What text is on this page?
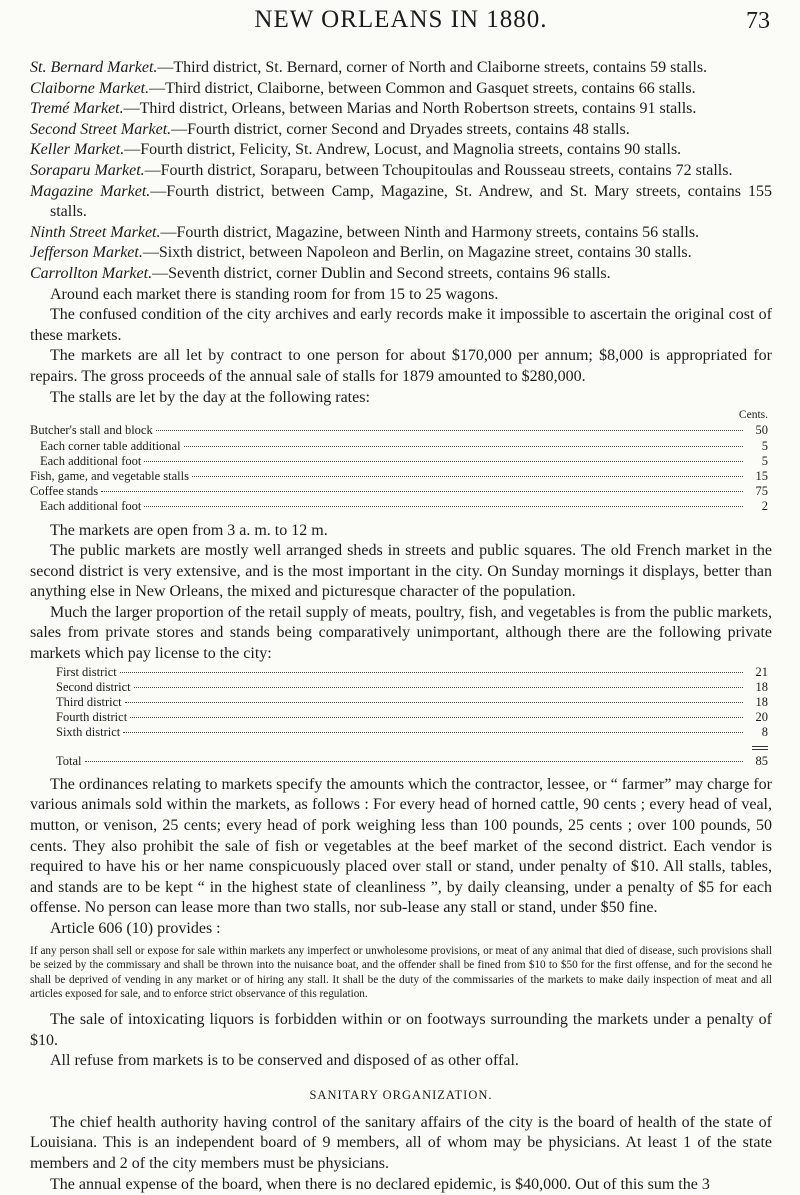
NEW ORLEANS IN 1880.	73

St. Bernard Market.—Third district, St. Bernard, corner of North and Claiborne streets, contains 59 stalls.

Claiborne Market.—Third district, Claiborne, between Common and Gasquet streets, contains 66 stalls.

Tremé Market.—Third district, Orleans, between Marias and North Robertson streets, contains 91 stalls.

Second Street Market.—Fourth district, corner Second and Dryades streets, contains 48 stalls.

Keller Market.—Fourth district, Felicity, St. Andrew, Locust, and Magnolia streets, contains 90 stalls.

Soraparu Market.—Fourth district, Soraparu, between Tchoupitoulas and Rousseau streets, contains 72 stalls.

Magazine Market.—Fourth district, between Camp, Magazine, St. Andrew, and St. Mary streets, contains 155 stalls.

Ninth Street Market.—Fourth district, Magazine, between Ninth and Harmony streets, contains 56 stalls.

Jefferson Market.—Sixth district, between Napoleon and Berlin, on Magazine street, contains 30 stalls.

Carrollton Market.—Seventh district, corner Dublin and Second streets, contains 96 stalls.

Around each market there is standing room for from 15 to 25 wagons.

The confused condition of the city archives and early records make it impossible to ascertain the original cost of these markets.

The markets are all let by contract to one person for about $170,000 per annum; $8,000 is appropriated for repairs. The gross proceeds of the annual sale of stalls for 1879 amounted to $280,000.

The stalls are let by the day at the following rates:

Cents.
Butcher's stall and block	50
Each corner table additional	5
Each additional foot	5
Fish, game, and vegetable stalls	15
Coffee stands	75
Each additional foot	2

The markets are open from 3 a. m. to 12 m.

The public markets are mostly well arranged sheds in streets and public squares. The old French market in the second district is very extensive, and is the most important in the city. On Sunday mornings it displays, better than anything else in New Orleans, the mixed and picturesque character of the population.

Much the larger proportion of the retail supply of meats, poultry, fish, and vegetables is from the public markets, sales from private stores and stands being comparatively unimportant, although there are the following private markets which pay license to the city:

First district	21
Second district	18
Third district	18
Fourth district	20
Sixth district	8
Total	85

The ordinances relating to markets specify the amounts which the contractor, lessee, or “ farmer” may charge for various animals sold within the markets, as follows : For every head of horned cattle, 90 cents ; every head of veal, mutton, or venison, 25 cents; every head of pork weighing less than 100 pounds, 25 cents ; over 100 pounds, 50 cents. They also prohibit the sale of fish or vegetables at the beef market of the second district. Each vendor is required to have his or her name conspicuously placed over stall or stand, under penalty of $10. All stalls, tables, and stands are to be kept “ in the highest state of cleanliness ”, by daily cleansing, under a penalty of $5 for each offense. No person can lease more than two stalls, nor sub-lease any stall or stand, under $50 fine.

Article 606 (10) provides :

If any person shall sell or expose for sale within markets any imperfect or unwholesome provisions, or meat of any animal that died of disease, such provisions shall be seized by the commissary and shall be thrown into the nuisance boat, and the offender shall be fined from $10 to $50 for the first offense, and for the second he shall be deprived of vending in any market or of hiring any stall. It shall be the duty of the commissaries of the markets to make daily inspection of meat and all articles exposed for sale, and to enforce strict observance of this regulation.

The sale of intoxicating liquors is forbidden within or on footways surrounding the markets under a penalty of $10.

All refuse from markets is to be conserved and disposed of as other offal.

SANITARY ORGANIZATION.

The chief health authority having control of the sanitary affairs of the city is the board of health of the state of Louisiana. This is an independent board of 9 members, all of whom may be physicians. At least 1 of the state members and 2 of the city members must be physicians.

The annual expense of the board, when there is no declared epidemic, is $40,000. Out of this sum the 3
